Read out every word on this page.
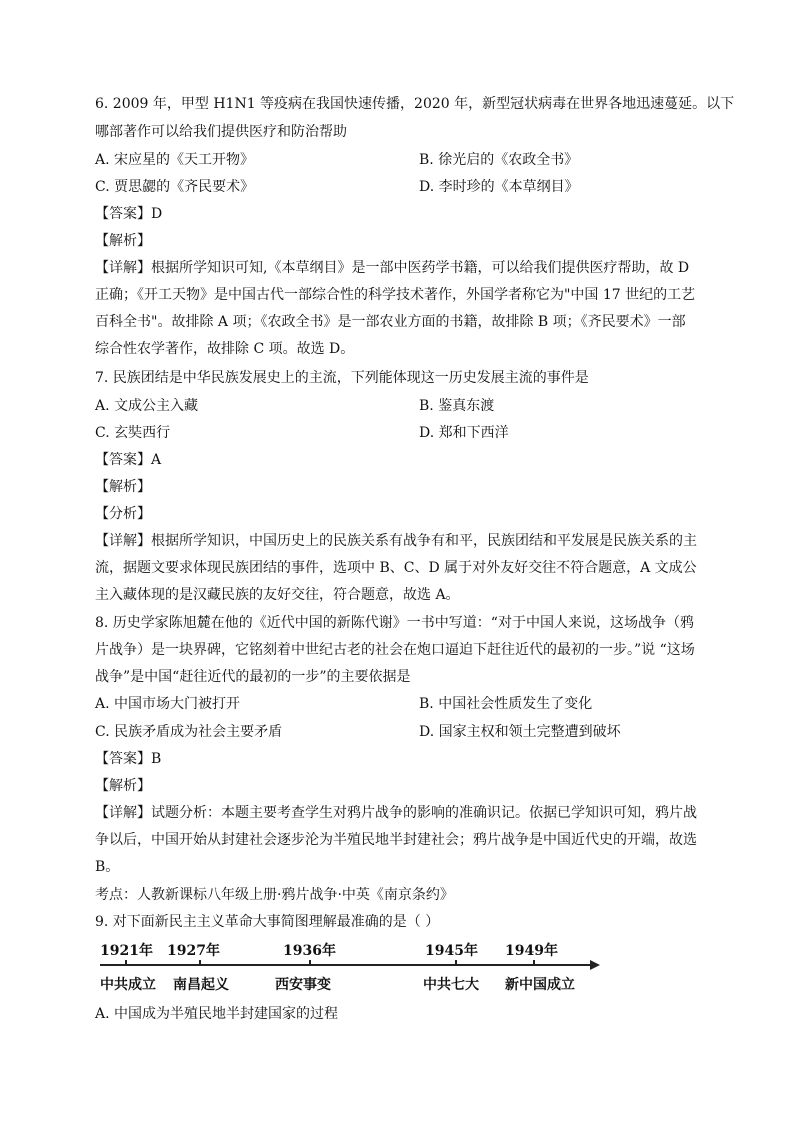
6. 2009 年，甲型 H1N1 等疫病在我国快速传播，2020 年，新型冠状病毒在世界各地迅速蔓延。以下
哪部著作可以给我们提供医疗和防治帮助
A. 宋应星的《天工开物》	B. 徐光启的《农政全书》
C. 贾思勰的《齐民要术》	D. 李时珍的《本草纲目》
【答案】D
【解析】
【详解】根据所学知识可知,《本草纲目》是一部中医药学书籍，可以给我们提供医疗帮助，故 D
正确；《开工天物》是中国古代一部综合性的科学技术著作，外国学者称它为"中国 17 世纪的工艺
百科全书"。故排除 A 项；《农政全书》是一部农业方面的书籍，故排除 B 项；《齐民要术》一部
综合性农学著作，故排除 C 项。故选 D。
7. 民族团结是中华民族发展史上的主流，下列能体现这一历史发展主流的事件是
A. 文成公主入藏	B. 鉴真东渡
C. 玄奘西行	D. 郑和下西洋
【答案】A
【解析】
【分析】
【详解】根据所学知识，中国历史上的民族关系有战争有和平，民族团结和平发展是民族关系的主
流，据题文要求体现民族团结的事件，选项中 B、C、D 属于对外友好交往不符合题意，A 文成公
主入藏体现的是汉藏民族的友好交往，符合题意，故选 A。
8. 历史学家陈旭麓在他的《近代中国的新陈代谢》一书中写道：“对于中国人来说，这场战争（鸦
片战争）是一块界碑，它铭刻着中世纪古老的社会在炮口逼迫下赶往近代的最初的一步。”说 “这场
战争”是中国“赶往近代的最初的一步”的主要依据是
A. 中国市场大门被打开	B. 中国社会性质发生了变化
C. 民族矛盾成为社会主要矛盾	D. 国家主权和领土完整遭到破坏
【答案】B
【解析】
【详解】试题分析：本题主要考查学生对鸦片战争的影响的准确识记。依据已学知识可知，鸦片战
争以后，中国开始从封建社会逐步沦为半殖民地半封建社会；鸦片战争是中国近代史的开端，故选
B。
考点：人教新课标八年级上册·鸦片战争·中英《南京条约》
9. 对下面新民主主义革命大事简图理解最准确的是（ ）
1921年 1927年	1936年	1945年 1949年
中共成立 南昌起义	西安事变	中共七大 新中国成立
A. 中国成为半殖民地半封建国家的过程
